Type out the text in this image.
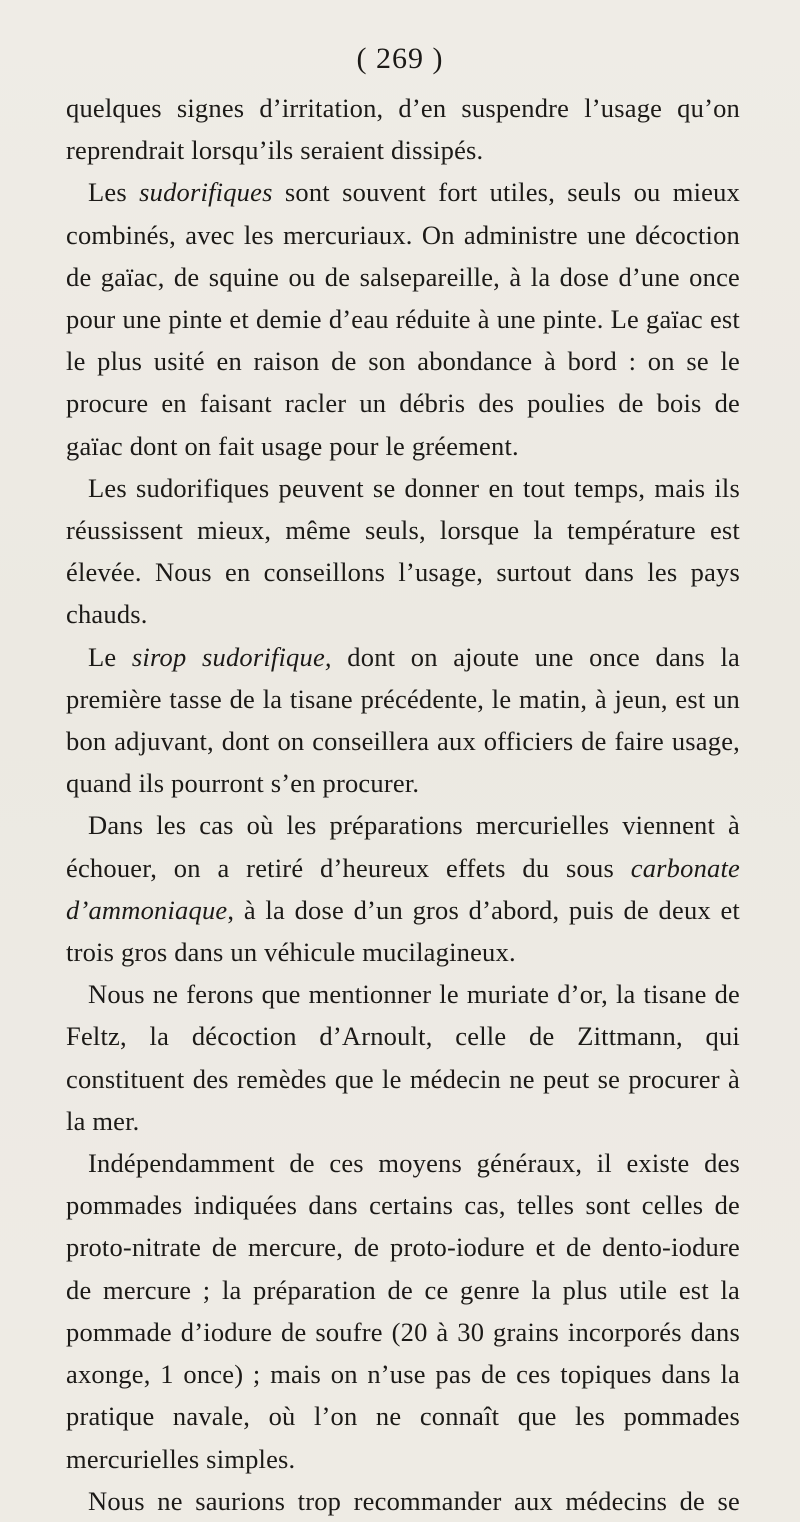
( 269 )

quelques signes d’irritation, d’en suspendre l’usage qu’on reprendrait lorsqu’ils seraient dissipés.

Les sudorifiques sont souvent fort utiles, seuls ou mieux combinés, avec les mercuriaux. On administre une décoction de gaïac, de squine ou de salsepareille, à la dose d’une once pour une pinte et demie d’eau réduite à une pinte. Le gaïac est le plus usité en raison de son abondance à bord : on se le procure en faisant racler un débris des poulies de bois de gaïac dont on fait usage pour le gréement.

Les sudorifiques peuvent se donner en tout temps, mais ils réussissent mieux, même seuls, lorsque la température est élevée. Nous en conseillons l’usage, surtout dans les pays chauds.

Le sirop sudorifique, dont on ajoute une once dans la première tasse de la tisane précédente, le matin, à jeun, est un bon adjuvant, dont on conseillera aux officiers de faire usage, quand ils pourront s’en procurer.

Dans les cas où les préparations mercurielles viennent à échouer, on a retiré d’heureux effets du sous carbonate d’ammoniaque, à la dose d’un gros d’abord, puis de deux et trois gros dans un véhicule mucilagineux.

Nous ne ferons que mentionner le muriate d’or, la tisane de Feltz, la décoction d’Arnoult, celle de Zittmann, qui constituent des remèdes que le médecin ne peut se procurer à la mer.

Indépendamment de ces moyens généraux, il existe des pommades indiquées dans certains cas, telles sont celles de proto-nitrate de mercure, de proto-iodure et de dento-iodure de mercure ; la préparation de ce genre la plus utile est la pommade d’iodure de soufre (20 à 30 grains incorporés dans axonge, 1 once) ; mais on n’use pas de ces topiques dans la pratique navale, où l’on ne connaît que les pommades mercurielles simples.

Nous ne saurions trop recommander aux médecins de se
